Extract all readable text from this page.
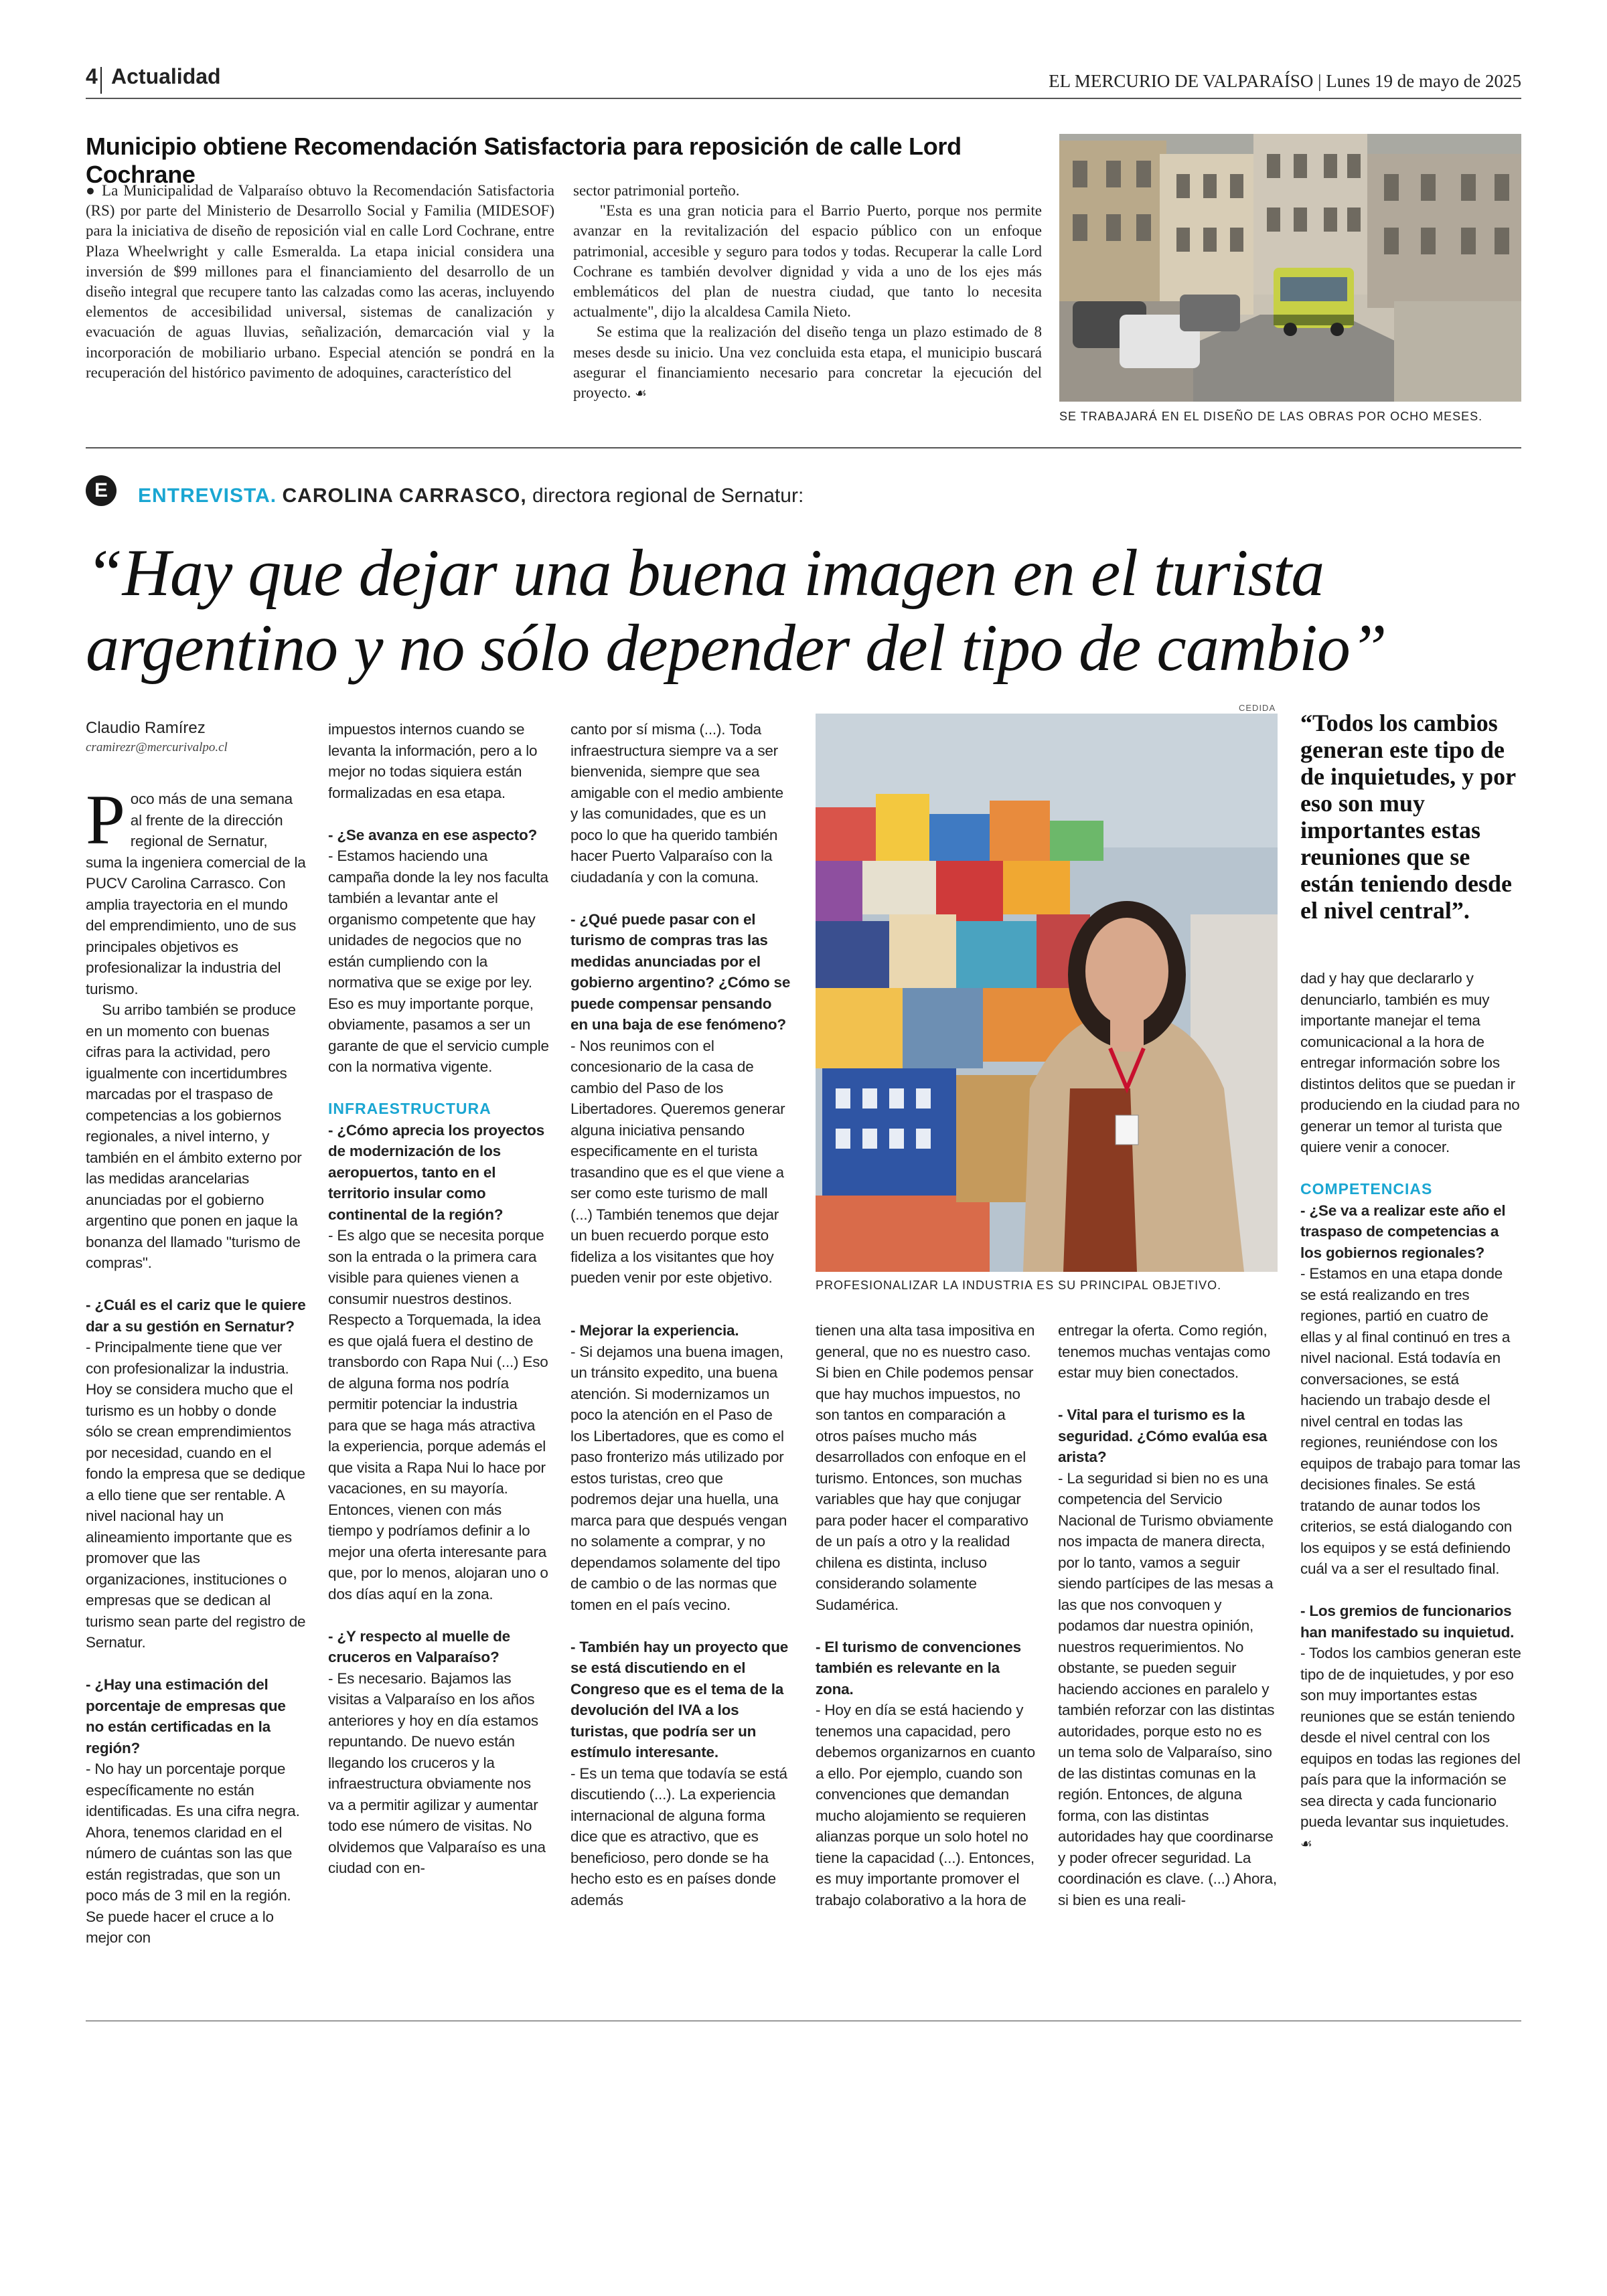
4 Actualidad	EL MERCURIO DE VALPARAÍSO | Lunes 19 de mayo de 2025
Municipio obtiene Recomendación Satisfactoria para reposición de calle Lord Cochrane
● La Municipalidad de Valparaíso obtuvo la Recomendación Satisfactoria (RS) por parte del Ministerio de Desarrollo Social y Familia (MIDESOF) para la iniciativa de diseño de reposición vial en calle Lord Cochrane, entre Plaza Wheelwright y calle Esmeralda. La etapa inicial considera una inversión de $99 millones para el financiamiento del desarrollo de un diseño integral que recupere tanto las calzadas como las aceras, incluyendo elementos de accesibilidad universal, sistemas de canalización y evacuación de aguas lluvias, señalización, demarcación vial y la incorporación de mobiliario urbano. Especial atención se pondrá en la recuperación del histórico pavimento de adoquines, característico del
sector patrimonial porteño.
"Esta es una gran noticia para el Barrio Puerto, porque nos permite avanzar en la revitalización del espacio público con un enfoque patrimonial, accesible y seguro para todos y todas. Recuperar la calle Lord Cochrane es también devolver dignidad y vida a uno de los ejes más emblemáticos del plan de nuestra ciudad, que tanto lo necesita actualmente", dijo la alcaldesa Camila Nieto.
Se estima que la realización del diseño tenga un plazo estimado de 8 meses desde su inicio. Una vez concluida esta etapa, el municipio buscará asegurar el financiamiento necesario para concretar la ejecución del proyecto. ☙
SE TRABAJARÁ EN EL DISEÑO DE LAS OBRAS POR OCHO MESES.
E	ENTREVISTA. CAROLINA CARRASCO, directora regional de Sernatur:
“Hay que dejar una buena imagen en el turista argentino y no sólo depender del tipo de cambio”
Claudio Ramírez
cramirezr@mercurivalpo.cl
Poco más de una semana al frente de la dirección regional de Sernatur, suma la ingeniera comercial de la PUCV Carolina Carrasco. Con amplia trayectoria en el mundo del emprendimiento, uno de sus principales objetivos es profesionalizar la industria del turismo.
Su arribo también se produce en un momento con buenas cifras para la actividad, pero igualmente con incertidumbres marcadas por el traspaso de competencias a los gobiernos regionales, a nivel interno, y también en el ámbito externo por las medidas arancelarias anunciadas por el gobierno argentino que ponen en jaque la bonanza del llamado "turismo de compras".

- ¿Cuál es el cariz que le quiere dar a su gestión en Sernatur?
- Principalmente tiene que ver con profesionalizar la industria. Hoy se considera mucho que el turismo es un hobby o donde sólo se crean emprendimientos por necesidad, cuando en el fondo la empresa que se dedique a ello tiene que ser rentable. A nivel nacional hay un alineamiento importante que es promover que las organizaciones, instituciones o empresas que se dedican al turismo sean parte del registro de Sernatur.

- ¿Hay una estimación del porcentaje de empresas que no están certificadas en la región?
- No hay un porcentaje porque específicamente no están identificadas. Es una cifra negra. Ahora, tenemos claridad en el número de cuántas son las que están registradas, que son un poco más de 3 mil en la región. Se puede hacer el cruce a lo mejor con
impuestos internos cuando se levanta la información, pero a lo mejor no todas siquiera están formalizadas en esa etapa.

- ¿Se avanza en ese aspecto?
- Estamos haciendo una campaña donde la ley nos faculta también a levantar ante el organismo competente que hay unidades de negocios que no están cumpliendo con la normativa que se exige por ley. Eso es muy importante porque, obviamente, pasamos a ser un garante de que el servicio cumple con la normativa vigente.

INFRAESTRUCTURA
- ¿Cómo aprecia los proyectos de modernización de los aeropuertos, tanto en el territorio insular como continental de la región?
- Es algo que se necesita porque son la entrada o la primera cara visible para quienes vienen a consumir nuestros destinos. Respecto a Torquemada, la idea es que ojalá fuera el destino de transbordo con Rapa Nui (...) Eso de alguna forma nos podría permitir potenciar la industria para que se haga más atractiva la experiencia, porque además el que visita a Rapa Nui lo hace por vacaciones, en su mayoría. Entonces, vienen con más tiempo y podríamos definir a lo mejor una oferta interesante para que, por lo menos, alojaran uno o dos días aquí en la zona.

- ¿Y respecto al muelle de cruceros en Valparaíso?
- Es necesario. Bajamos las visitas a Valparaíso en los años anteriores y hoy en día estamos repuntando. De nuevo están llegando los cruceros y la infraestructura obviamente nos va a permitir agilizar y aumentar todo ese número de visitas. No olvidemos que Valparaíso es una ciudad con en-
canto por sí misma (...). Toda infraestructura siempre va a ser bienvenida, siempre que sea amigable con el medio ambiente y las comunidades, que es un poco lo que ha querido también hacer Puerto Valparaíso con la ciudadanía y con la comuna.

- ¿Qué puede pasar con el turismo de compras tras las medidas anunciadas por el gobierno argentino? ¿Cómo se puede compensar pensando en una baja de ese fenómeno?
- Nos reunimos con el concesionario de la casa de cambio del Paso de los Libertadores. Queremos generar alguna iniciativa pensando especificamente en el turista trasandino que es el que viene a ser como este turismo de mall (...) También tenemos que dejar un buen recuerdo porque esto fideliza a los visitantes que hoy pueden venir por este objetivo.
CEDIDA
PROFESIONALIZAR LA INDUSTRIA ES SU PRINCIPAL OBJETIVO.
“Todos los cambios generan este tipo de de inquietudes, y por eso son muy importantes estas reuniones que se están teniendo desde el nivel central”.
dad y hay que declararlo y denunciarlo, también es muy importante manejar el tema comunicacional a la hora de entregar información sobre los distintos delitos que se puedan ir produciendo en la ciudad para no generar un temor al turista que quiere venir a conocer.

COMPETENCIAS
- ¿Se va a realizar este año el traspaso de competencias a los gobiernos regionales?
- Estamos en una etapa donde se está realizando en tres regiones, partió en cuatro de ellas y al final continuó en tres a nivel nacional. Está todavía en conversaciones, se está haciendo un trabajo desde el nivel central en todas las regiones, reuniéndose con los equipos de trabajo para tomar las decisiones finales. Se está tratando de aunar todos los criterios, se está dialogando con los equipos y se está definiendo cuál va a ser el resultado final.

- Los gremios de funcionarios han manifestado su inquietud.
- Todos los cambios generan este tipo de de inquietudes, y por eso son muy importantes estas reuniones que se están teniendo desde el nivel central con los equipos en todas las regiones del país para que la información se sea directa y cada funcionario pueda levantar sus inquietudes. ☙
- Mejorar la experiencia.
- Si dejamos una buena imagen, un tránsito expedito, una buena atención. Si modernizamos un poco la atención en el Paso de los Libertadores, que es como el paso fronterizo más utilizado por estos turistas, creo que podremos dejar una huella, una marca para que después vengan no solamente a comprar, y no dependamos solamente del tipo de cambio o de las normas que tomen en el país vecino.

- También hay un proyecto que se está discutiendo en el Congreso que es el tema de la devolución del IVA a los turistas, que podría ser un estímulo interesante.
- Es un tema que todavía se está discutiendo (...). La experiencia internacional de alguna forma dice que es atractivo, que es beneficioso, pero donde se ha hecho esto es en países donde además
tienen una alta tasa impositiva en general, que no es nuestro caso. Si bien en Chile podemos pensar que hay muchos impuestos, no son tantos en comparación a otros países mucho más desarrollados con enfoque en el turismo. Entonces, son muchas variables que hay que conjugar para poder hacer el comparativo de un país a otro y la realidad chilena es distinta, incluso considerando solamente Sudamérica.

- El turismo de convenciones también es relevante en la zona.
- Hoy en día se está haciendo y tenemos una capacidad, pero debemos organizarnos en cuanto a ello. Por ejemplo, cuando son convenciones que demandan mucho alojamiento se requieren alianzas porque un solo hotel no tiene la capacidad (...). Entonces, es muy importante promover el trabajo colaborativo a la hora de
entregar la oferta. Como región, tenemos muchas ventajas como estar muy bien conectados.

- Vital para el turismo es la seguridad. ¿Cómo evalúa esa arista?
- La seguridad si bien no es una competencia del Servicio Nacional de Turismo obviamente nos impacta de manera directa, por lo tanto, vamos a seguir siendo partícipes de las mesas a las que nos convoquen y podamos dar nuestra opinión, nuestros requerimientos. No obstante, se pueden seguir haciendo acciones en paralelo y también reforzar con las distintas autoridades, porque esto no es un tema solo de Valparaíso, sino de las distintas comunas en la región. Entonces, de alguna forma, con las distintas autoridades hay que coordinarse y poder ofrecer seguridad. La coordinación es clave. (...) Ahora, si bien es una reali-
